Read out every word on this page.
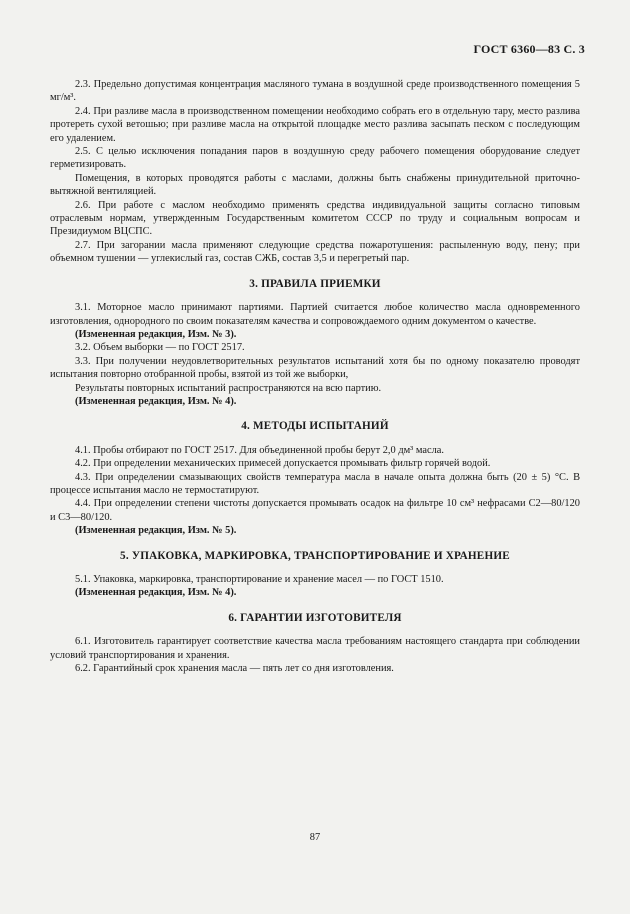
ГОСТ 6360—83 С. 3

2.3. Предельно допустимая концентрация масляного тумана в воздушной среде производственного помещения 5 мг/м³.

2.4. При разливе масла в производственном помещении необходимо собрать его в отдельную тару, место разлива протереть сухой ветошью; при разливе масла на открытой площадке место разлива засыпать песком с последующим его удалением.

2.5. С целью исключения попадания паров в воздушную среду рабочего помещения оборудование следует герметизировать.

Помещения, в которых проводятся работы с маслами, должны быть снабжены принудительной приточно-вытяжной вентиляцией.

2.6. При работе с маслом необходимо применять средства индивидуальной защиты согласно типовым отраслевым нормам, утвержденным Государственным комитетом СССР по труду и социальным вопросам и Президиумом ВЦСПС.

2.7. При загорании масла применяют следующие средства пожаротушения: распыленную воду, пену; при объемном тушении — углекислый газ, состав СЖБ, состав 3,5 и перегретый пар.

3. ПРАВИЛА ПРИЕМКИ

3.1. Моторное масло принимают партиями. Партией считается любое количество масла одновременного изготовления, однородного по своим показателям качества и сопровождаемого одним документом о качестве.

(Измененная редакция, Изм. № 3).

3.2. Объем выборки — по ГОСТ 2517.

3.3. При получении неудовлетворительных результатов испытаний хотя бы по одному показателю проводят испытания повторно отобранной пробы, взятой из той же выборки,

Результаты повторных испытаний распространяются на всю партию.

(Измененная редакция, Изм. № 4).

4. МЕТОДЫ ИСПЫТАНИЙ

4.1. Пробы отбирают по ГОСТ 2517. Для объединенной пробы берут 2,0 дм³ масла.

4.2. При определении механических примесей допускается промывать фильтр горячей водой.

4.3. При определении смазывающих свойств температура масла в начале опыта должна быть (20 ± 5) °С. В процессе испытания масло не термостатируют.

4.4. При определении степени чистоты допускается промывать осадок на фильтре 10 см³ нефрасами С2—80/120 и С3—80/120.

(Измененная редакция, Изм. № 5).

5. УПАКОВКА, МАРКИРОВКА, ТРАНСПОРТИРОВАНИЕ И ХРАНЕНИЕ

5.1. Упаковка, маркировка, транспортирование и хранение масел — по ГОСТ 1510.

(Измененная редакция, Изм. № 4).

6. ГАРАНТИИ ИЗГОТОВИТЕЛЯ

6.1. Изготовитель гарантирует соответствие качества масла требованиям настоящего стандарта при соблюдении условий транспортирования и хранения.

6.2. Гарантийный срок хранения масла — пять лет со дня изготовления.

87
